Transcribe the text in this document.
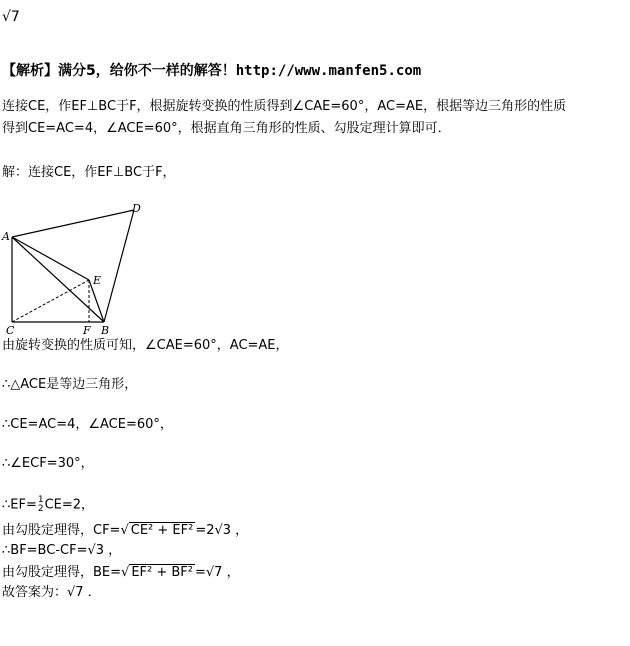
√7
【解析】满分5，给你不一样的解答！http://www.manfen5.com
连接CE，作EF⊥BC于F，根据旋转变换的性质得到∠CAE=60°，AC=AE，根据等边三角形的性质
得到CE=AC=4，∠ACE=60°，根据直角三角形的性质、勾股定理计算即可．
解：连接CE，作EF⊥BC于F，
A
D
E
C	F B
由旋转变换的性质可知，∠CAE=60°，AC=AE，
∴△ACE是等边三角形，
∴CE=AC=4，∠ACE=60°，
∴∠ECF=30°，
∴EF= 1
2 CE=2，
由勾股定理得，CF=√ CE² + EF² =2√3 ，
∴BF=BC-CF=√3 ，
由勾股定理得，BE=√ EF² + BF² =√7 ，
故答案为：√7 ．
